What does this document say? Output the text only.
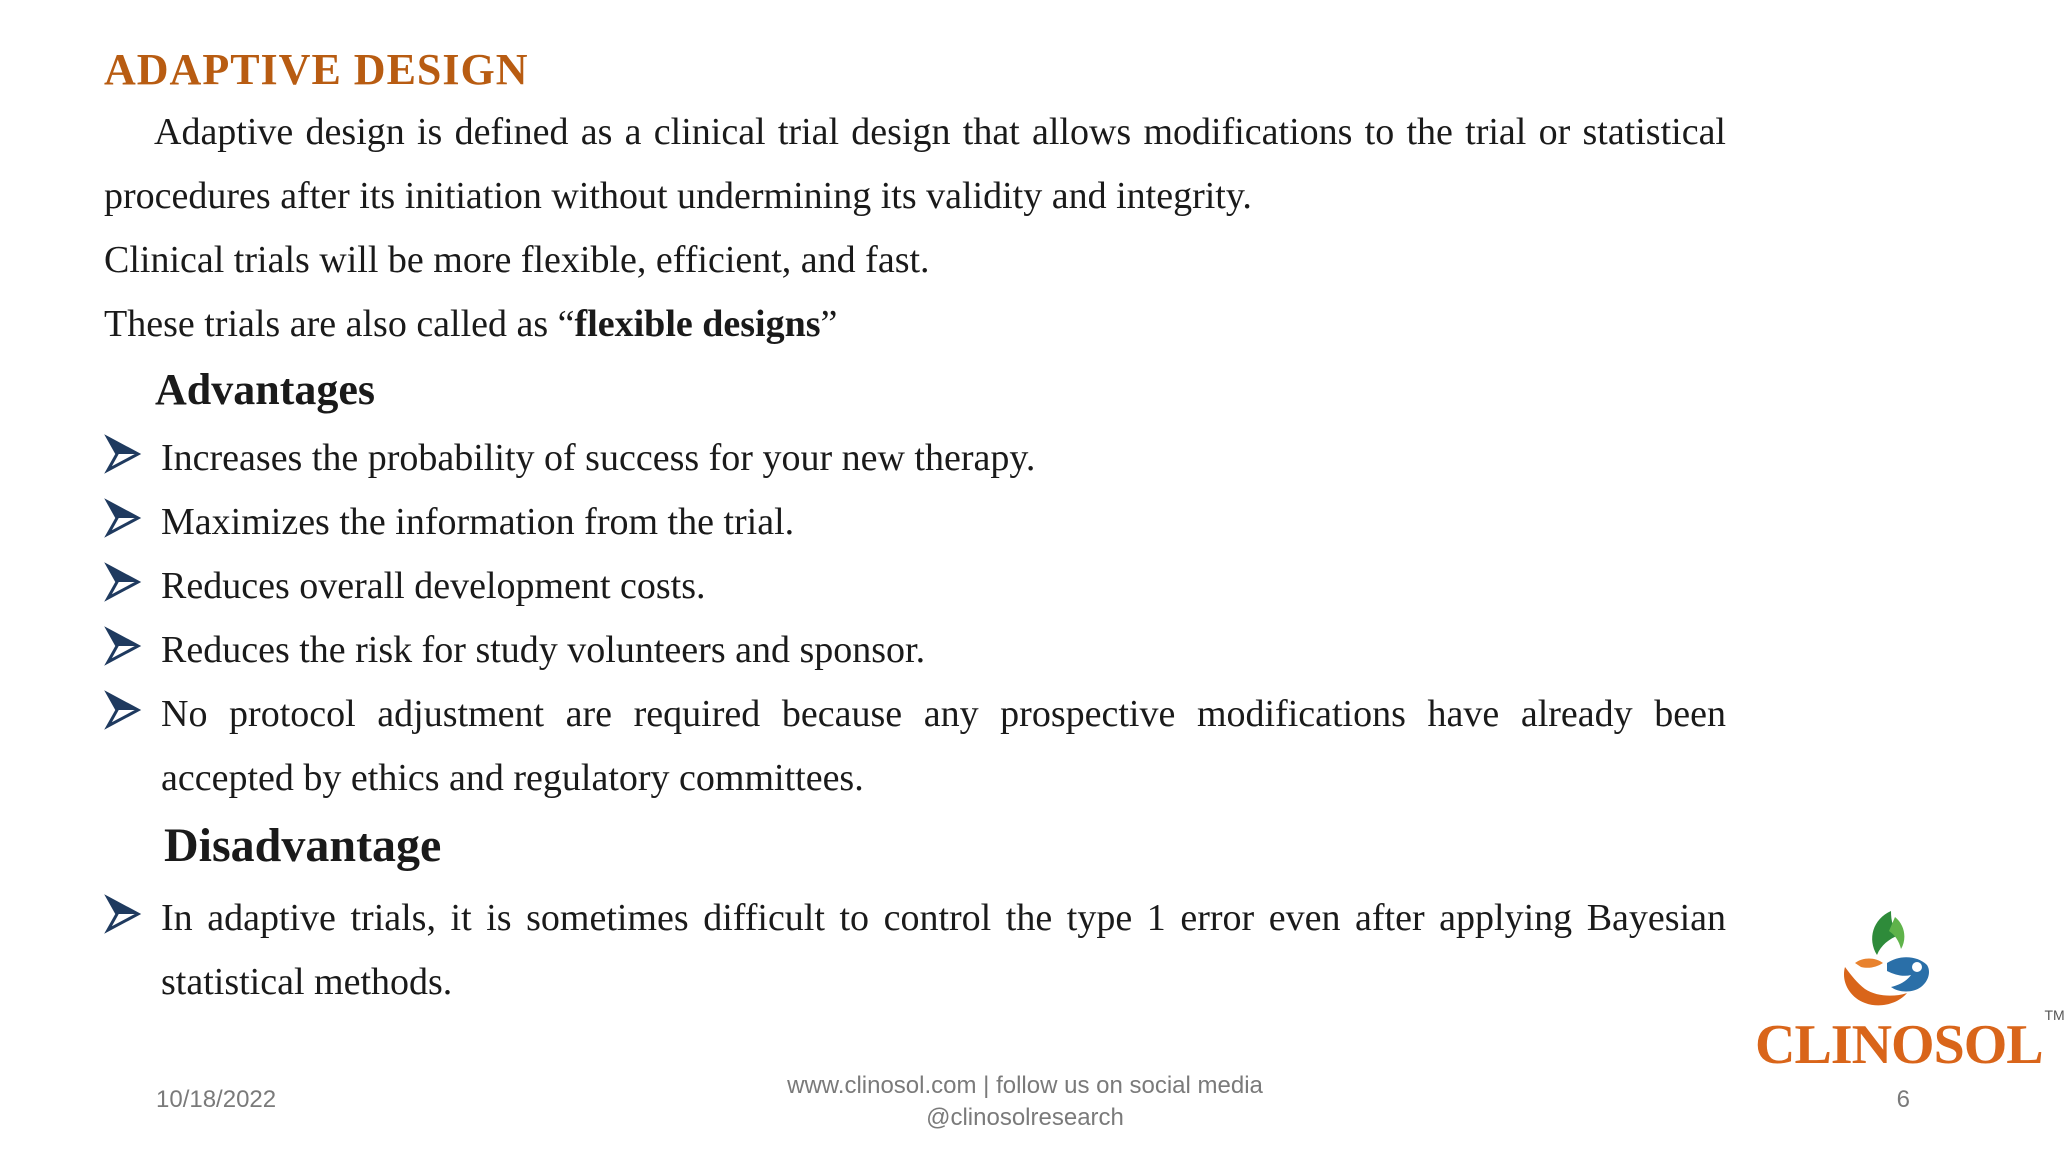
ADAPTIVE DESIGN

Adaptive design is defined as a clinical trial design that allows modifications to the trial or statistical procedures after its initiation without undermining its validity and integrity.

Clinical trials will be more flexible, efficient, and fast.

These trials are also called as “flexible designs”

Advantages
Increases the probability of success for your new therapy.
Maximizes the information from the trial.
Reduces overall development costs.
Reduces the risk for study volunteers and sponsor.
No protocol adjustment are required because any prospective modifications have already been accepted by ethics and regulatory committees.
Disadvantage
In adaptive trials, it is sometimes difficult to control the type 1 error even after applying Bayesian statistical methods.
10/18/2022
www.clinosol.com | follow us on social media
@clinosolresearch
6
CLINOSOL TM
